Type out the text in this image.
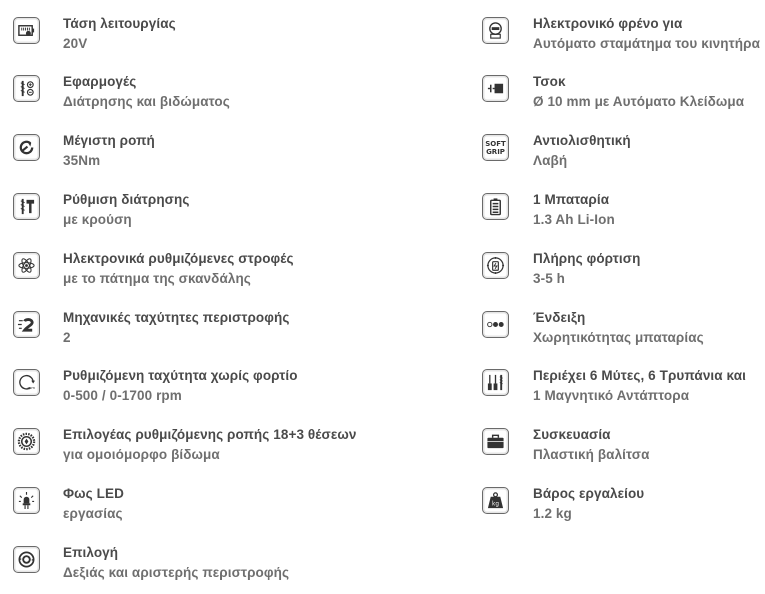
Τάση λειτουργίας
20V
Εφαρμογές
Διάτρησης και βιδώματος
Μέγιστη ροπή
35Nm
Ρύθμιση διάτρησης
με κρούση
Ηλεκτρονικά ρυθμιζόμενες στροφές
με το πάτημα της σκανδάλης
Μηχανικές ταχύτητες περιστροφής
2
rpm
Ρυθμιζόμενη ταχύτητα χωρίς φορτίο
0-500 / 0-1700 rpm
Επιλογέας ρυθμιζόμενης ροπής 18+3 θέσεων
για ομοιόμορφο βίδωμα
Φως LED
εργασίας
Επιλογή
Δεξιάς και αριστερής περιστροφής
Ηλεκτρονικό φρένο για
Αυτόματο σταμάτημα του κινητήρα
Τσοκ
Ø 10 mm με Αυτόματο Κλείδωμα
SOFT
GRIP
Αντιολισθητική
Λαβή
1 Μπαταρία
1.3 Ah Li-Ion
Πλήρης φόρτιση
3-5 h
Ένδειξη
Χωρητικότητας μπαταρίας
Περιέχει 6 Μύτες, 6 Τρυπάνια και
1 Μαγνητικό Αντάπτορα
Συσκευασία
Πλαστική βαλίτσα
kg
Βάρος εργαλείου
1.2 kg
